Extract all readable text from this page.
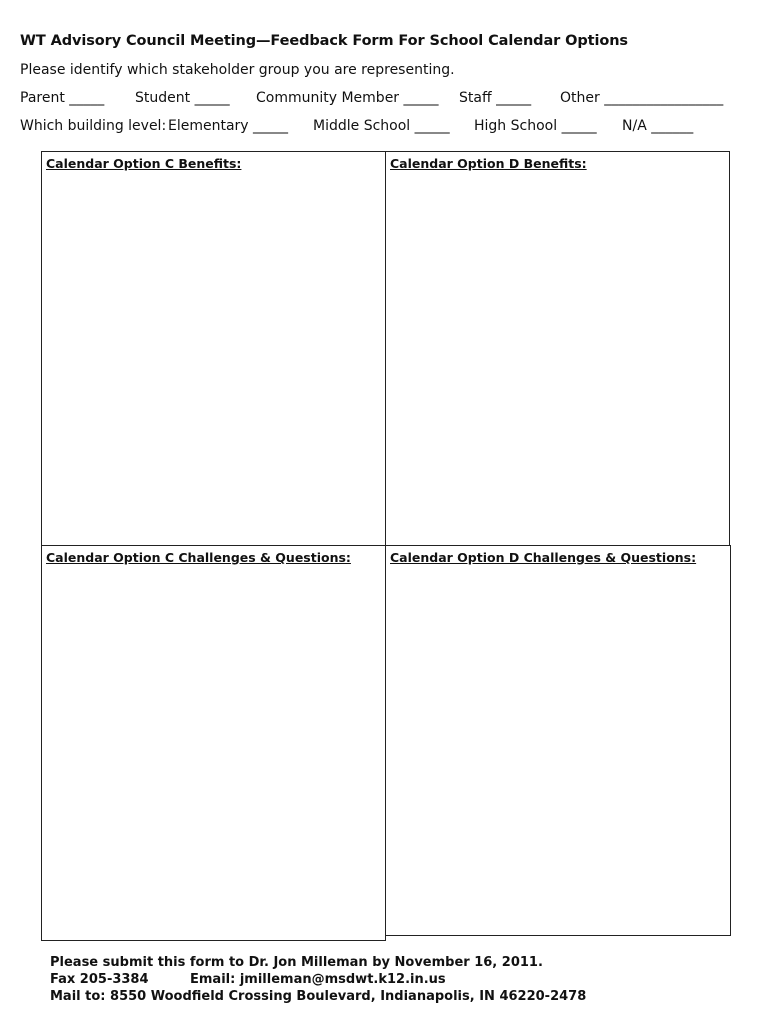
WT Advisory Council Meeting—Feedback Form For School Calendar Options
Please identify which stakeholder group you are representing.
Parent _____ Student _____ Community Member _____ Staff _____ Other _________________
Which building level: Elementary _____ Middle School _____ High School _____ N/A ______
Calendar Option C Benefits:	Calendar Option D Benefits:
Calendar Option C Challenges & Questions:	Calendar Option D Challenges & Questions:
Please submit this form to Dr. Jon Milleman by November 16, 2011.
Fax 205-3384	Email: jmilleman@msdwt.k12.in.us
Mail to: 8550 Woodfield Crossing Boulevard, Indianapolis, IN 46220-2478
